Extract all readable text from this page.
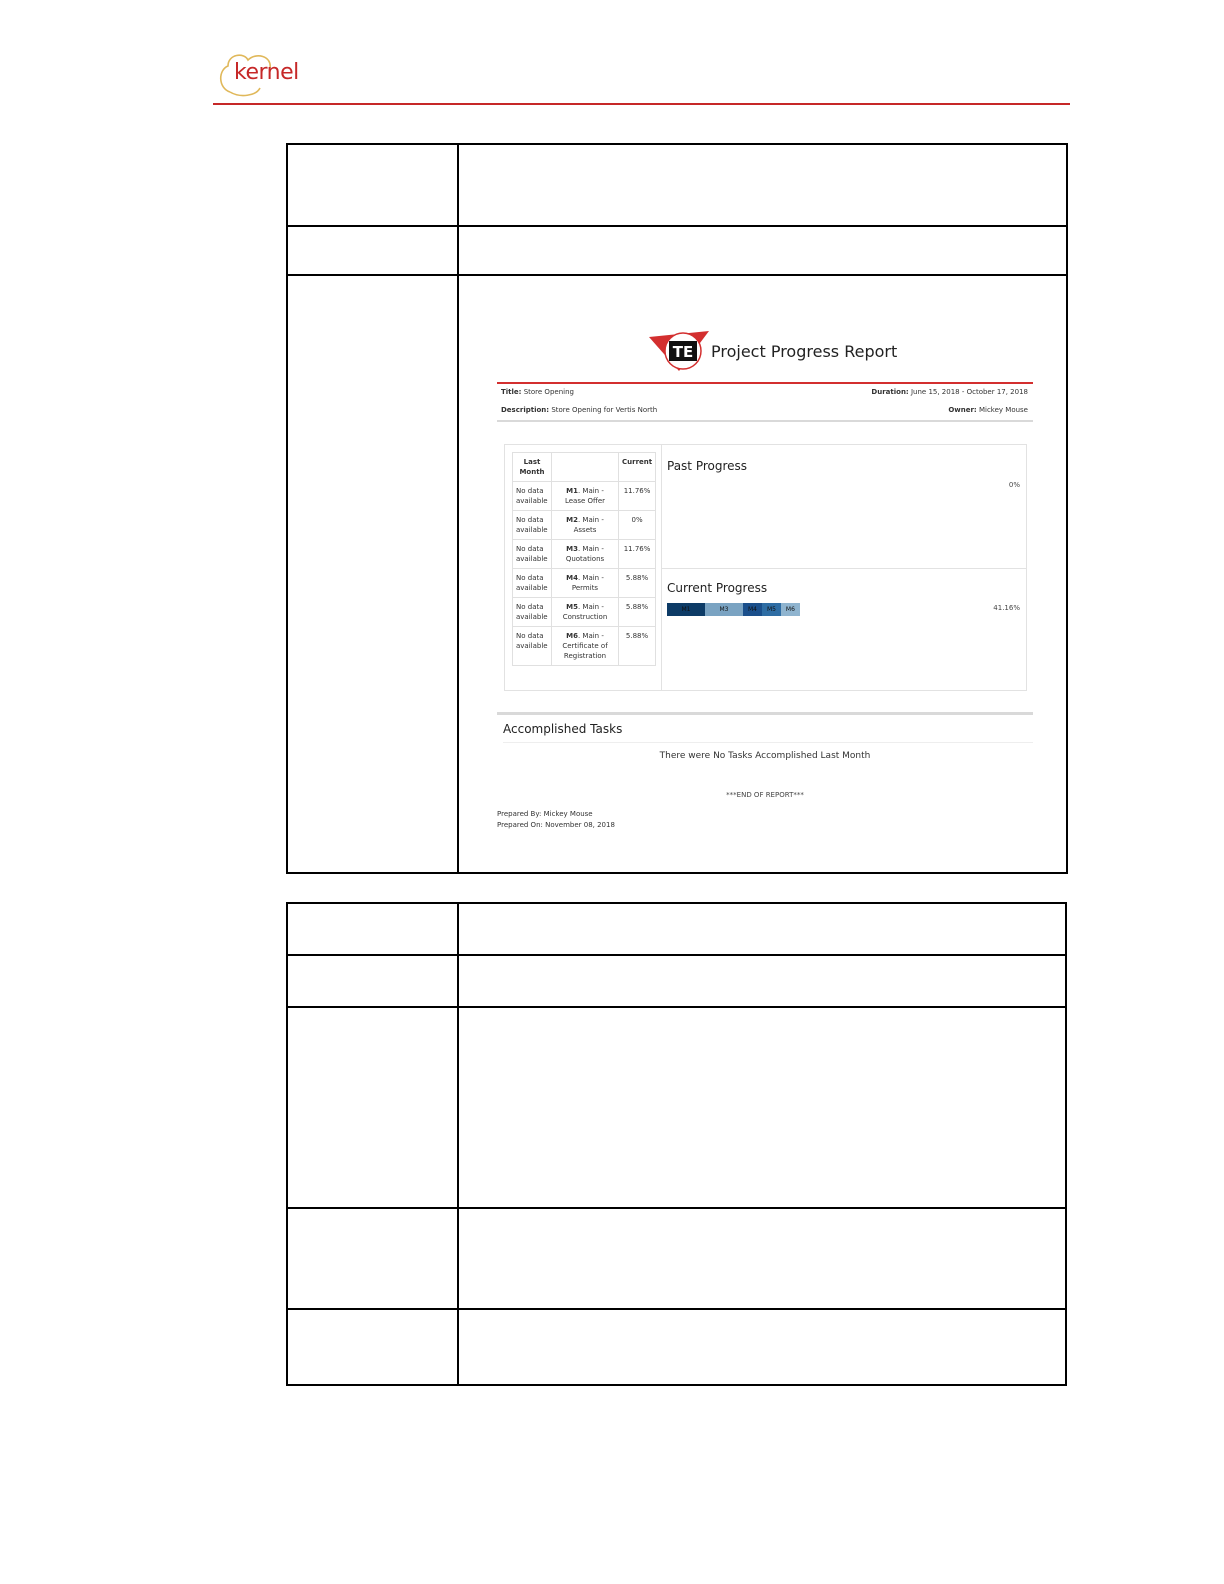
kernel

TE Project Progress Report
Title: Store Opening	Duration: June 15, 2018 - October 17, 2018
Description: Store Opening for Vertis North	Owner: Mickey Mouse
Last Month		Current
No data available	M1. Main - Lease Offer	11.76%
No data available	M2. Main -Assets	0%
No data available	M3. Main - Quotations	11.76%
No data available	M4. Main - Permits	5.88%
No data available	M5. Main - Construction	5.88%
No data available	M6. Main - Certificate of Registration	5.88%
Past Progress
0%
Current Progress
M1	M3	M4	M5	M6	41.16%
Accomplished Tasks
There were No Tasks Accomplished Last Month
***END OF REPORT***
Prepared By: Mickey Mouse
Prepared On: November 08, 2018
